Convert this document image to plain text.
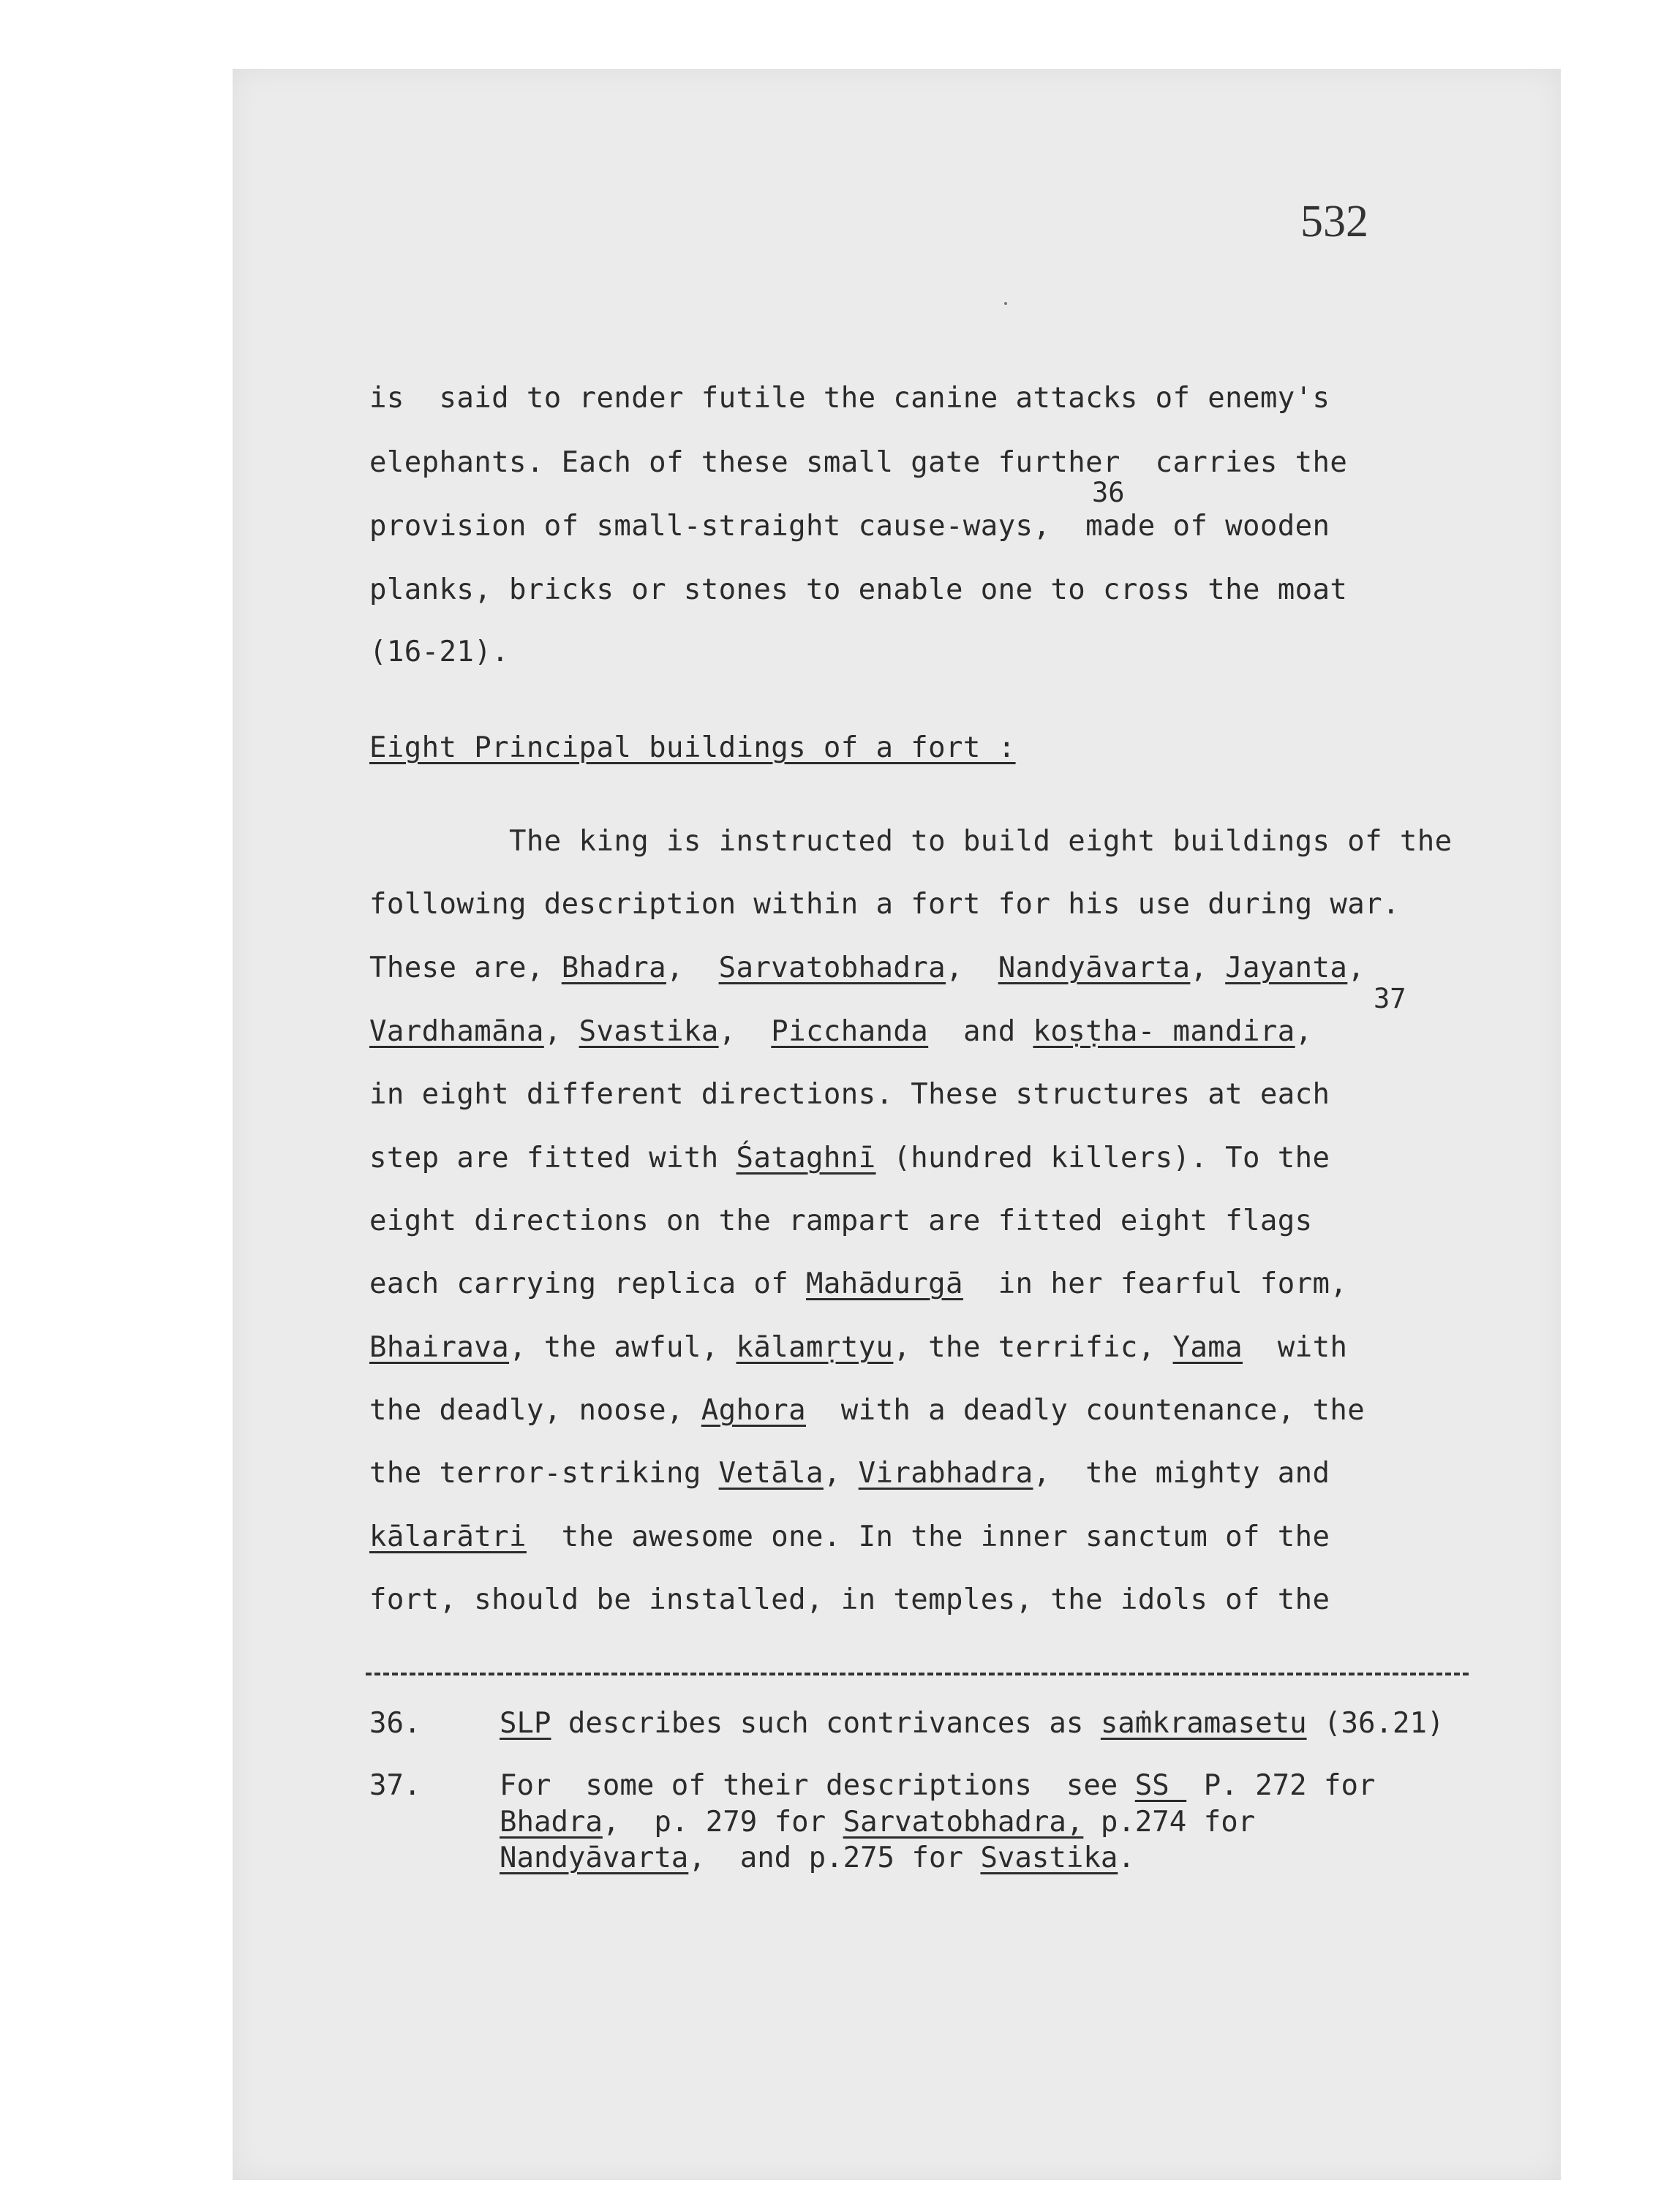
532
is  said to render futile the canine attacks of enemy's
elephants. Each of these small gate further  carries the
36
provision of small-straight cause-ways,  made of wooden
planks, bricks or stones to enable one to cross the moat
(16-21).
Eight Principal buildings of a fort :
The king is instructed to build eight buildings of the
following description within a fort for his use during war.
These are, Bhadra,  Sarvatobhadra,  Nandyāvarta, Jayanta,
37
Vardhamāna, Svastika,  Picchanda  and koṣṭha- mandira,
in eight different directions. These structures at each
step are fitted with Śataghnī (hundred killers). To the
eight directions on the rampart are fitted eight flags
each carrying replica of Mahādurgā  in her fearful form,
Bhairava, the awful, kālamṛtyu, the terrific, Yama  with
the deadly, noose, Aghora  with a deadly countenance, the
the terror-striking Vetāla, Virabhadra,  the mighty and
kālarātri  the awesome one. In the inner sanctum of the
fort, should be installed, in temples, the idols of the
36.	SLP describes such contrivances as saṁkramasetu (36.21)
37.	For  some of their descriptions  see SS  P. 272 for
Bhadra,  p. 279 for Sarvatobhadra, p.274 for
Nandyāvarta,  and p.275 for Svastika.
